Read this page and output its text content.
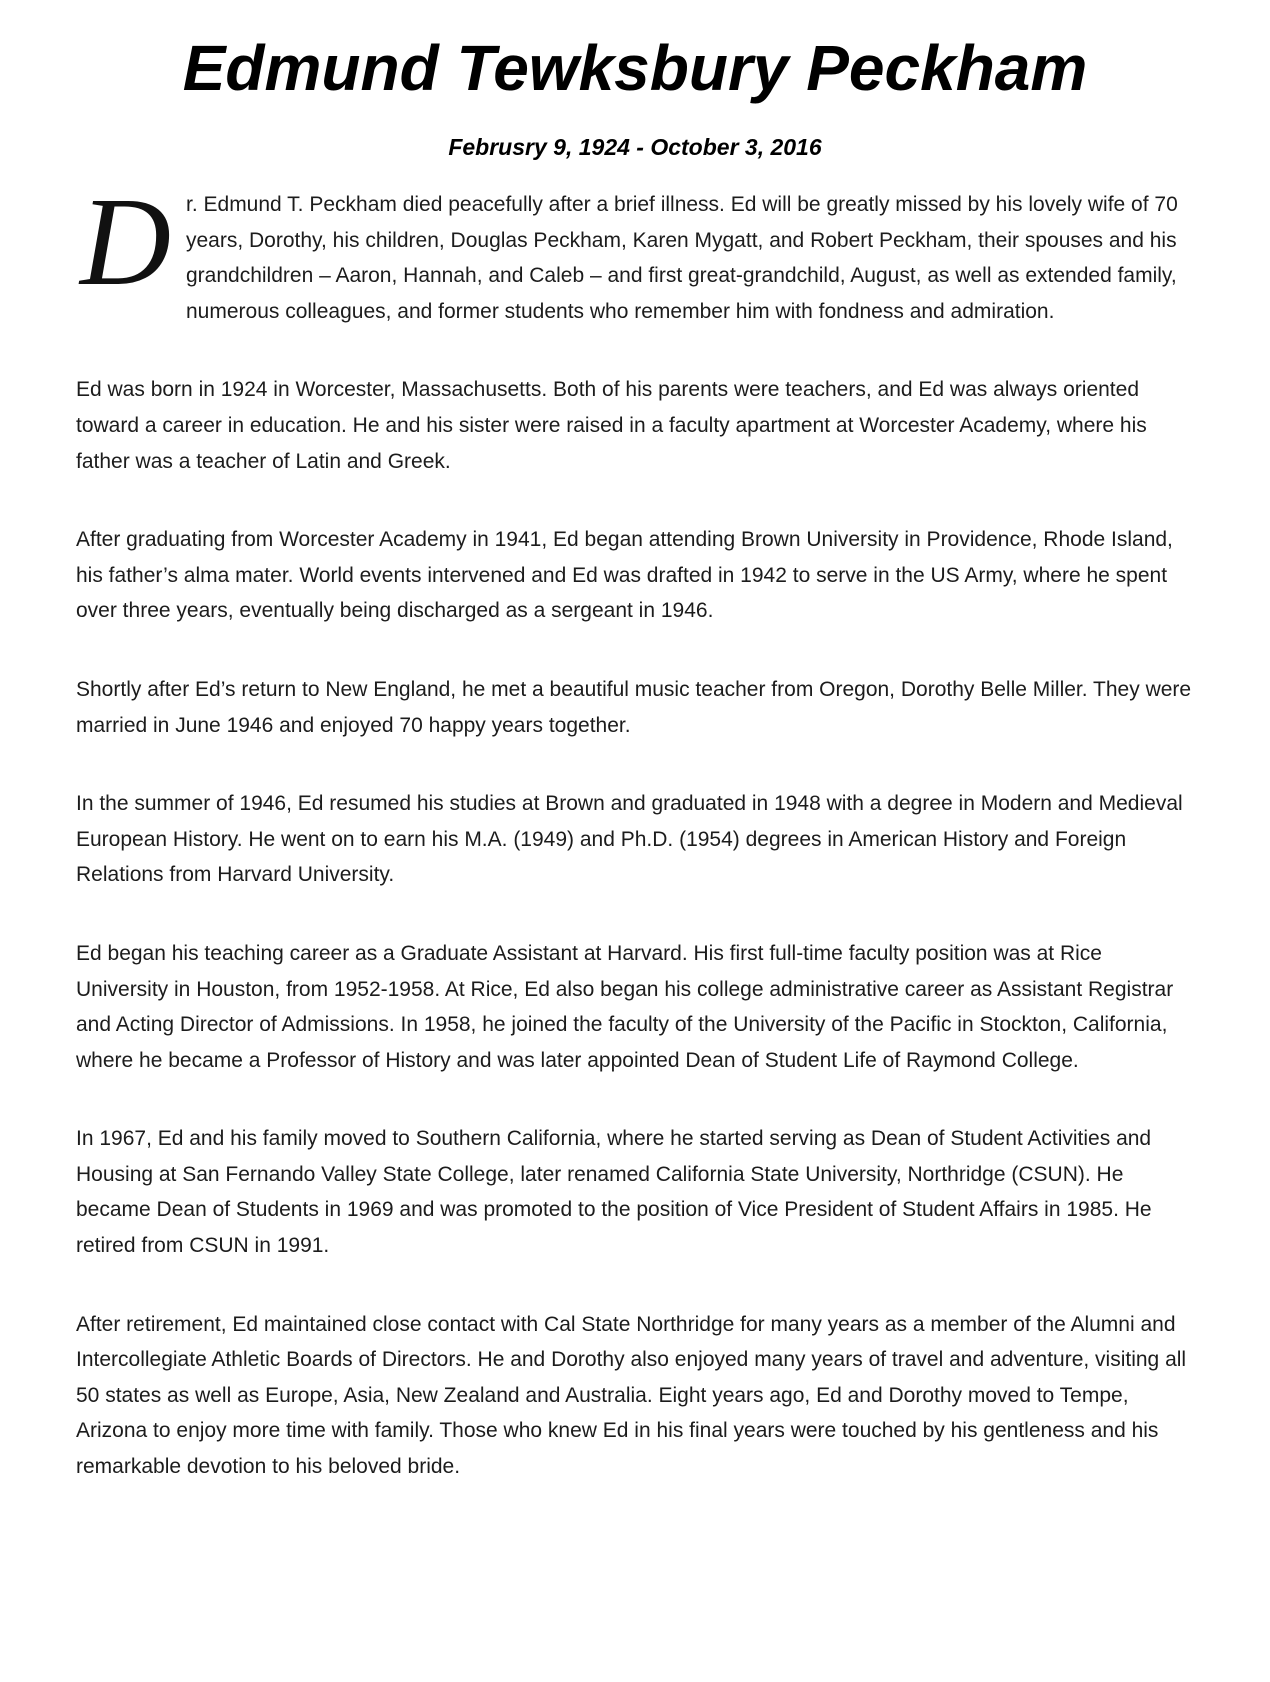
Edmund Tewksbury Peckham
Februsry 9, 1924 - October 3, 2016

Dr. Edmund T. Peckham died peacefully after a brief illness. Ed will be greatly missed by his lovely wife of 70 years, Dorothy, his children, Douglas Peckham, Karen Mygatt, and Robert Peckham, their spouses and his grandchildren – Aaron, Hannah, and Caleb – and first great-grandchild, August, as well as extended family, numerous colleagues, and former students who remember him with fondness and admiration.

Ed was born in 1924 in Worcester, Massachusetts. Both of his parents were teachers, and Ed was always oriented toward a career in education. He and his sister were raised in a faculty apartment at Worcester Academy, where his father was a teacher of Latin and Greek.

After graduating from Worcester Academy in 1941, Ed began attending Brown University in Providence, Rhode Island, his father’s alma mater. World events intervened and Ed was drafted in 1942 to serve in the US Army, where he spent over three years, eventually being discharged as a sergeant in 1946.

Shortly after Ed’s return to New England, he met a beautiful music teacher from Oregon, Dorothy Belle Miller. They were married in June 1946 and enjoyed 70 happy years together.

In the summer of 1946, Ed resumed his studies at Brown and graduated in 1948 with a degree in Modern and Medieval European History. He went on to earn his M.A. (1949) and Ph.D. (1954) degrees in American History and Foreign Relations from Harvard University.

Ed began his teaching career as a Graduate Assistant at Harvard. His first full-time faculty position was at Rice University in Houston, from 1952-1958. At Rice, Ed also began his college administrative career as Assistant Registrar and Acting Director of Admissions. In 1958, he joined the faculty of the University of the Pacific in Stockton, California, where he became a Professor of History and was later appointed Dean of Student Life of Raymond College.

In 1967, Ed and his family moved to Southern California, where he started serving as Dean of Student Activities and Housing at San Fernando Valley State College, later renamed California State University, Northridge (CSUN). He became Dean of Students in 1969 and was promoted to the position of Vice President of Student Affairs in 1985. He retired from CSUN in 1991.

After retirement, Ed maintained close contact with Cal State Northridge for many years as a member of the Alumni and Intercollegiate Athletic Boards of Directors. He and Dorothy also enjoyed many years of travel and adventure, visiting all 50 states as well as Europe, Asia, New Zealand and Australia. Eight years ago, Ed and Dorothy moved to Tempe, Arizona to enjoy more time with family. Those who knew Ed in his final years were touched by his gentleness and his remarkable devotion to his beloved bride.
